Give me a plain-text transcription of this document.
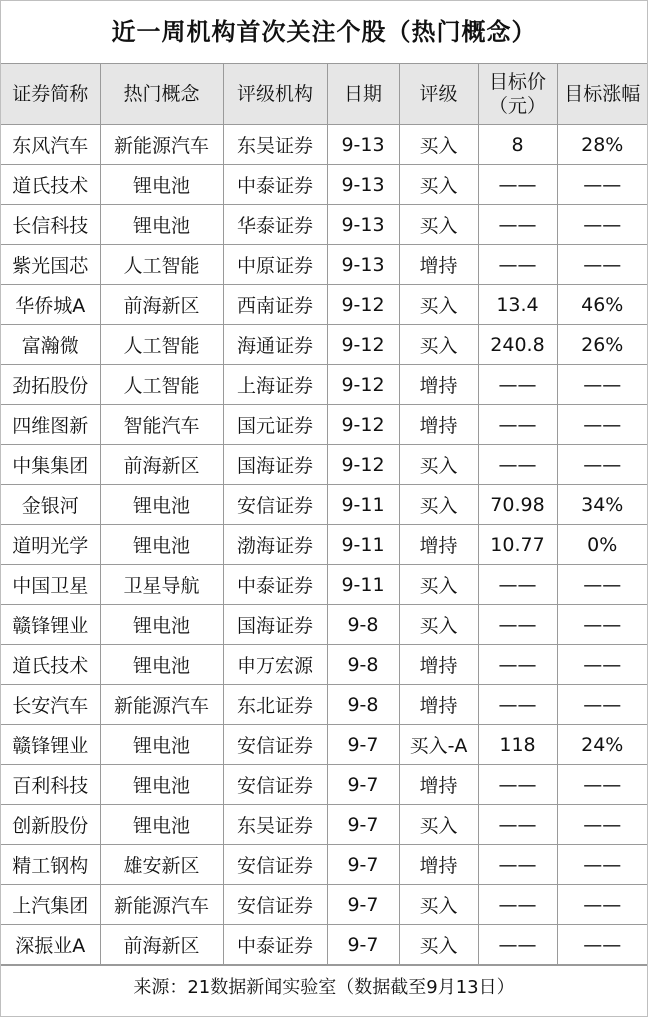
近一周机构首次关注个股（热门概念）
证券简称	热门概念	评级机构	日期	评级	目标价（元）	目标涨幅
东风汽车	新能源汽车	东吴证券	9-13	买入	8	28%
道氏技术	锂电池	中泰证券	9-13	买入	——	——
长信科技	锂电池	华泰证券	9-13	买入	——	——
紫光国芯	人工智能	中原证券	9-13	增持	——	——
华侨城A	前海新区	西南证券	9-12	买入	13.4	46%
富瀚微	人工智能	海通证券	9-12	买入	240.8	26%
劲拓股份	人工智能	上海证券	9-12	增持	——	——
四维图新	智能汽车	国元证券	9-12	增持	——	——
中集集团	前海新区	国海证券	9-12	买入	——	——
金银河	锂电池	安信证券	9-11	买入	70.98	34%
道明光学	锂电池	渤海证券	9-11	增持	10.77	0%
中国卫星	卫星导航	中泰证券	9-11	买入	——	——
赣锋锂业	锂电池	国海证券	9-8	买入	——	——
道氏技术	锂电池	申万宏源	9-8	增持	——	——
长安汽车	新能源汽车	东北证券	9-8	增持	——	——
赣锋锂业	锂电池	安信证券	9-7	买入-A	118	24%
百利科技	锂电池	安信证券	9-7	增持	——	——
创新股份	锂电池	东吴证券	9-7	买入	——	——
精工钢构	雄安新区	安信证券	9-7	增持	——	——
上汽集团	新能源汽车	安信证券	9-7	买入	——	——
深振业A	前海新区	中泰证券	9-7	买入	——	——
来源：21数据新闻实验室（数据截至9月13日）
